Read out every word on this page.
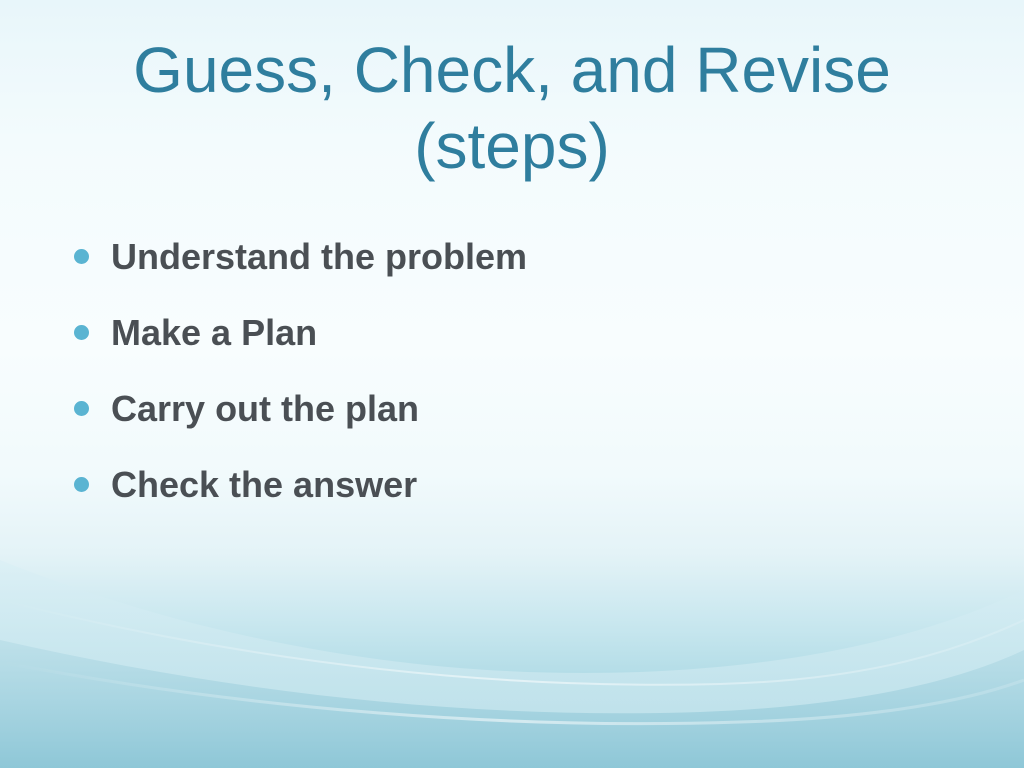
Guess, Check, and Revise
(steps)
Understand the problem
Make a Plan
Carry out the plan
Check the answer
